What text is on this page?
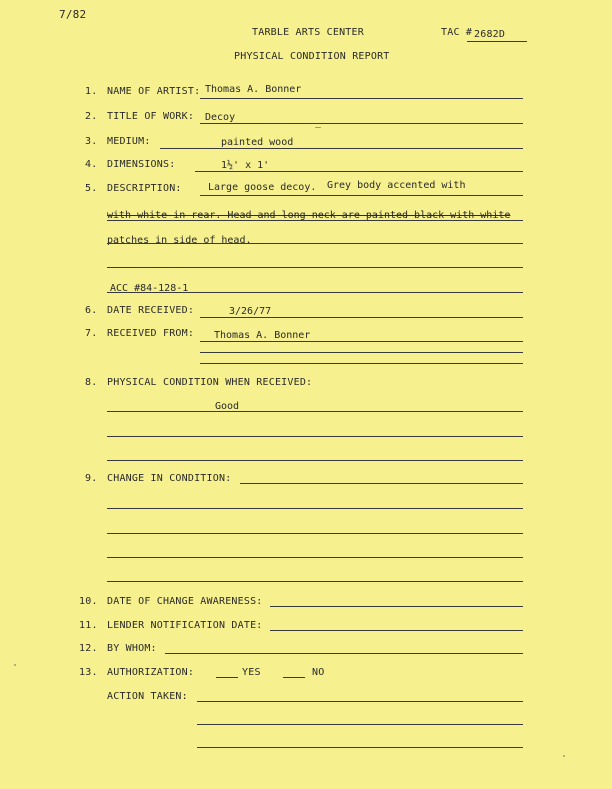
7/82
TARBLE ARTS CENTER	TAC # 2682D
PHYSICAL CONDITION REPORT
1. NAME OF ARTIST: Thomas A. Bonner
2. TITLE OF WORK: Decoy
3. MEDIUM:	painted wood
4. DIMENSIONS:	1½' x 1'
5. DESCRIPTION:	Large goose decoy. Grey body accented with
with white in rear. Head and long neck are painted black with white
patches in side of head.
ACC #84-128-1
6. DATE RECEIVED:	3/26/77
7. RECEIVED FROM: Thomas A. Bonner
8. PHYSICAL CONDITION WHEN RECEIVED:
Good
9. CHANGE IN CONDITION:
10. DATE OF CHANGE AWARENESS:
11. LENDER NOTIFICATION DATE:
12. BY WHOM:
13. AUTHORIZATION:	YES	NO
ACTION TAKEN:
